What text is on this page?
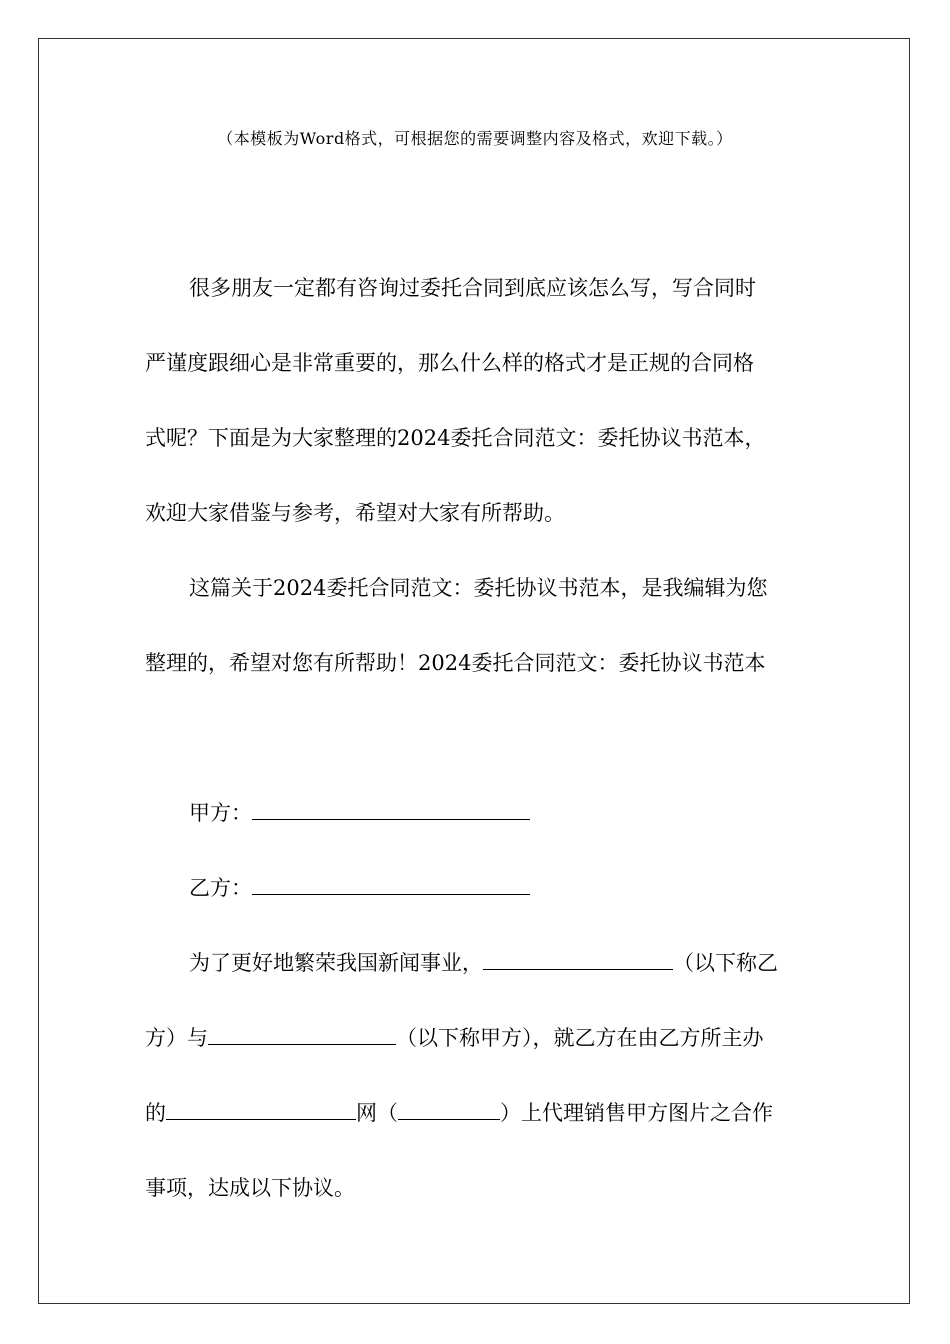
（本模板为Word格式，可根据您的需要调整内容及格式，欢迎下载。）
很多朋友一定都有咨询过委托合同到底应该怎么写，写合同时
严谨度跟细心是非常重要的，那么什么样的格式才是正规的合同格
式呢？下面是为大家整理的2024委托合同范文：委托协议书范本，
欢迎大家借鉴与参考，希望对大家有所帮助。
这篇关于2024委托合同范文：委托协议书范本，是我编辑为您
整理的，希望对您有所帮助！2024委托合同范文：委托协议书范本
甲方：
乙方：
为了更好地繁荣我国新闻事业，	（以下称乙
方）与	（以下称甲方），就乙方在由乙方所主办
的	网（	）上代理销售甲方图片之合作
事项，达成以下协议。
